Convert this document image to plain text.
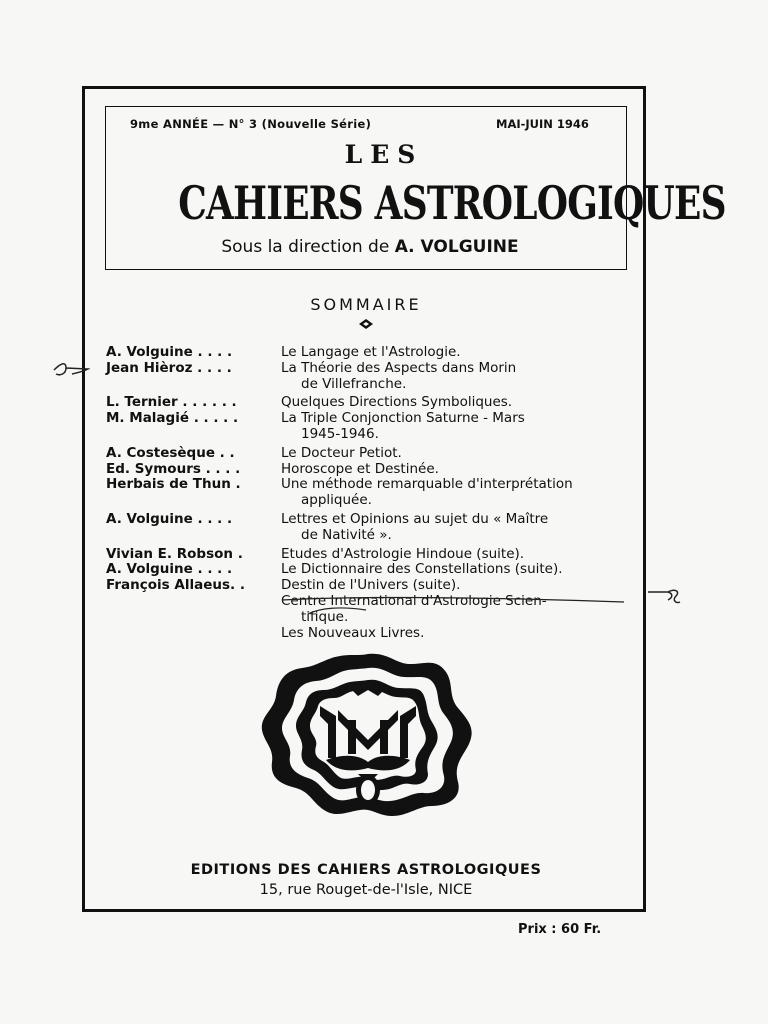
9me ANNÉE — N° 3 (Nouvelle Série)	MAI-JUIN 1946
LES
CAHIERS ASTROLOGIQUES
Sous la direction de A. VOLGUINE
SOMMAIRE
A. Volguine . . . .	Le Langage et l'Astrologie.
Jean Hièroz . . . .	La Théorie des Aspects dans Morin
de Villefranche.
L. Ternier . . . . . .	Quelques Directions Symboliques.
M. Malagié . . . . .	La Triple Conjonction Saturne - Mars
1945-1946.
A. Costesèque . .	Le Docteur Petiot.
Ed. Symours . . . .	Horoscope et Destinée.
Herbais de Thun .	Une méthode remarquable d'interprétation
appliquée.
A. Volguine . . . .	Lettres et Opinions au sujet du « Maître
de Nativité ».
Vivian E. Robson .	Etudes d'Astrologie Hindoue (suite).
A. Volguine . . . .	Le Dictionnaire des Constellations (suite).
François Allaeus. .	Destin de l'Univers (suite).
Centre International d'Astrologie Scien-
tifique.
Les Nouveaux Livres.
EDITIONS DES CAHIERS ASTROLOGIQUES
15, rue Rouget-de-l'Isle, NICE
Prix : 60 Fr.
